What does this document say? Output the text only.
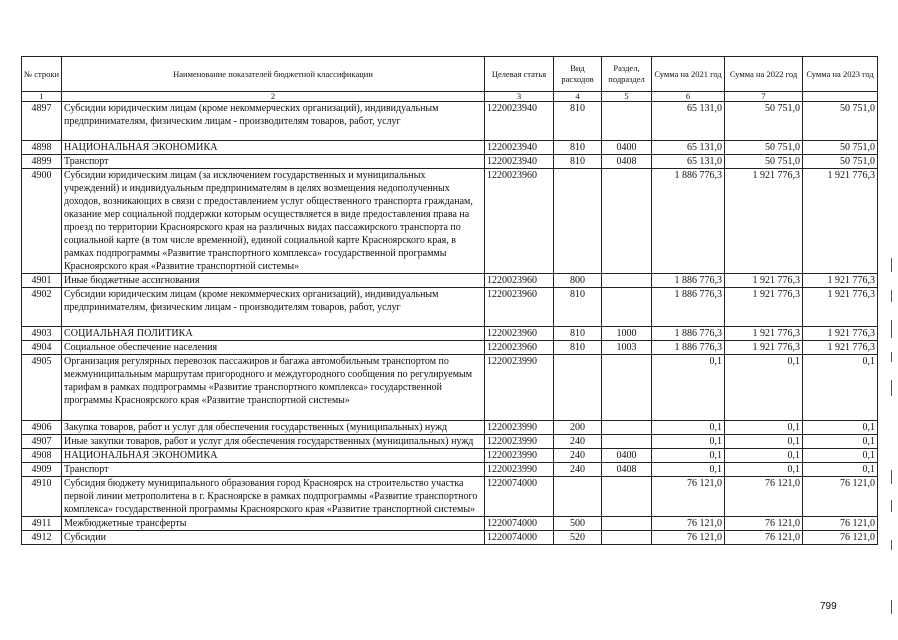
№ строки	Наименование показателей бюджетной классификации	Целевая статья	Вид расходов	Раздел, подраздел	Сумма на 2021 год	Сумма на 2022 год	Сумма на 2023 год
1	2	3	4	5	6	7	
4897	Субсидии юридическим лицам (кроме некоммерческих организаций), индивидуальным предпринимателям, физическим лицам - производителям товаров, работ, услуг	1220023940	810		65 131,0	50 751,0	50 751,0
4898	НАЦИОНАЛЬНАЯ ЭКОНОМИКА	1220023940	810	0400	65 131,0	50 751,0	50 751,0
4899	Транспорт	1220023940	810	0408	65 131,0	50 751,0	50 751,0
4900	Субсидии юридическим лицам (за исключением государственных и муниципальных учреждений) и индивидуальным предпринимателям в целях возмещения недополученных доходов, возникающих в связи с предоставлением услуг общественного транспорта гражданам, оказание мер социальной поддержки которым осуществляется в виде предоставления права на проезд по территории Красноярского края на различных видах пассажирского транспорта по социальной карте (в том числе временной), единой социальной карте Красноярского края, в рамках подпрограммы «Развитие транспортного комплекса» государственной программы Красноярского края «Развитие транспортной системы»	1220023960			1 886 776,3	1 921 776,3	1 921 776,3
4901	Иные бюджетные ассигнования	1220023960	800		1 886 776,3	1 921 776,3	1 921 776,3
4902	Субсидии юридическим лицам (кроме некоммерческих организаций), индивидуальным предпринимателям, физическим лицам - производителям товаров, работ, услуг	1220023960	810		1 886 776,3	1 921 776,3	1 921 776,3
4903	СОЦИАЛЬНАЯ ПОЛИТИКА	1220023960	810	1000	1 886 776,3	1 921 776,3	1 921 776,3
4904	Социальное обеспечение населения	1220023960	810	1003	1 886 776,3	1 921 776,3	1 921 776,3
4905	Организация регулярных перевозок пассажиров и багажа автомобильным транспортом по межмуниципальным маршрутам пригородного и междугородного сообщения по регулируемым тарифам в рамках подпрограммы «Развитие транспортного комплекса» государственной программы Красноярского края «Развитие транспортной системы»	1220023990			0,1	0,1	0,1
4906	Закупка товаров, работ и услуг для обеспечения государственных (муниципальных) нужд	1220023990	200		0,1	0,1	0,1
4907	Иные закупки товаров, работ и услуг для обеспечения государственных (муниципальных) нужд	1220023990	240		0,1	0,1	0,1
4908	НАЦИОНАЛЬНАЯ ЭКОНОМИКА	1220023990	240	0400	0,1	0,1	0,1
4909	Транспорт	1220023990	240	0408	0,1	0,1	0,1
4910	Субсидия бюджету муниципального образования город Красноярск на строительство участка первой линии метрополитена в г. Красноярске в рамках подпрограммы «Развитие транспортного комплекса» государственной программы Красноярского края «Развитие транспортной системы»	1220074000			76 121,0	76 121,0	76 121,0
4911	Межбюджетные трансферты	1220074000	500		76 121,0	76 121,0	76 121,0
4912	Субсидии	1220074000	520		76 121,0	76 121,0	76 121,0
799
